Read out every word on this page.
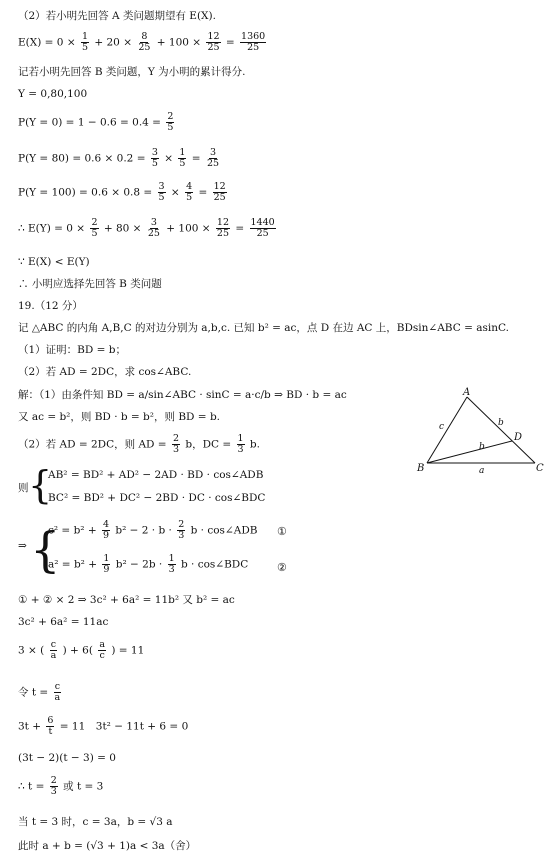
（2）若小明先回答 A 类问题期望有 E(X).
$E(X) = 0 \times \frac{1}{5} + 20 \times \frac{8}{25} + 100 \times \frac{12}{25} = \frac{1360}{25}$
记若小明先回答 B 类问题，Y 为小明的累计得分.
Y = 0,80,100
$P(Y = 0) = 1 - 0.6 = 0.4 = \frac{2}{5}$
$P(Y = 80) = 0.6 \times 0.2 = \frac{3}{5} \times \frac{1}{5} = \frac{3}{25}$
$P(Y = 100) = 0.6 \times 0.8 = \frac{3}{5} \times \frac{4}{5} = \frac{12}{25}$
∴ $E(Y) = 0 \times \frac{2}{5} + 80 \times \frac{3}{25} + 100 \times \frac{12}{25} = \frac{1440}{25}$
∵ E(X) < E(Y)
∴ 小明应选择先回答 B 类问题
19.（12 分）
记 △ABC 的内角 A,B,C 的对边分别为 a,b,c. 已知 b² = ac，点 D 在边 AC 上，BDsin∠ABC = asinC.
（1）证明：BD = b；
（2）若 AD = 2DC，求 cos∠ABC.
解：（1）由条件知 BD = a/sin∠ABC · sinC = a·c/b ⇒ BD · b = ac
又 ac = b²，则 BD · b = b²，则 BD = b.
（2）若 AD = 2DC，则 AD = $\frac{2}{3}$ b，DC = $\frac{1}{3} b$.
A
B	C
D
c	b
b
a
则 {
AB² = BD² + AD² − 2AD · BD · cos∠ADB
BC² = BD² + DC² − 2BD · DC · cos∠BDC
⇒ {
$c^2 = b^2 + \frac{4}{9} b^2 - 2 \cdot b \cdot \frac{2}{3}$ b · cos∠ADB
$a^2 = b^2 + \frac{1}{9} b^2 - 2b \cdot \frac{1}{3}$ b · cos∠BDC
①
②
① + ② × 2 ⇒ 3c² + 6a² = 11b² 又 b² = ac
3c² + 6a² = 11ac
3 × ( $\frac{c}{a}$ ) + $6( \frac{a}{c}$ ) = 11
令 $t = \frac{c}{a}$
$3t + \frac{6}{t} = 11$　3t² − 11t + 6 = 0
(3t − 2)(t − 3) = 0
∴ $t = \frac{2}{3}$ 或 t = 3
当 t = 3 时，c = 3a，b = √3 a
此时 a + b = (√3 + 1)a < 3a（舍）
